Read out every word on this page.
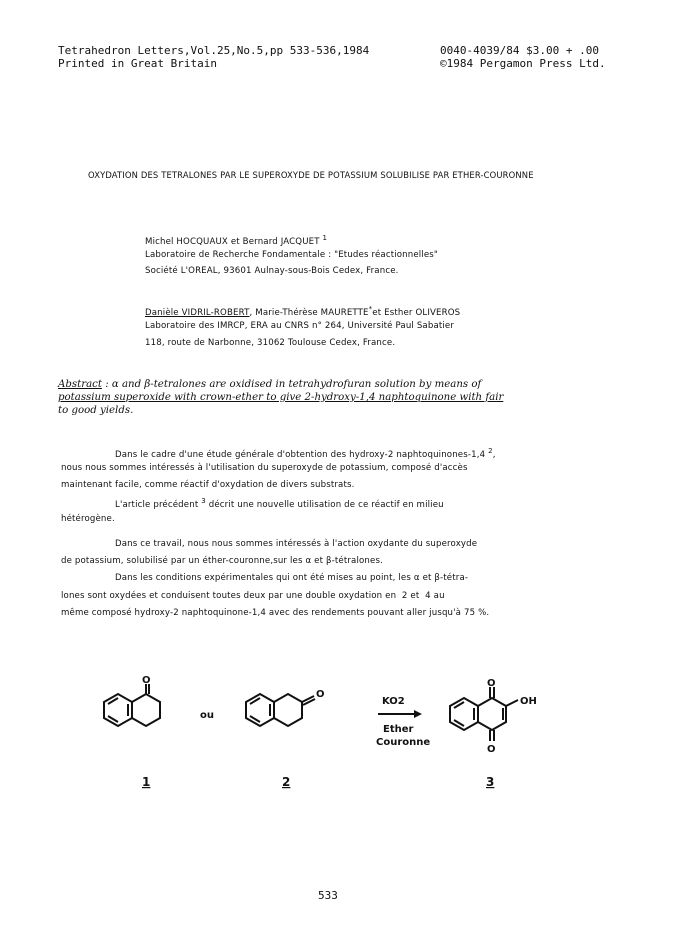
Tetrahedron Letters,Vol.25,No.5,pp 533-536,1984
Printed in Great Britain
0040-4039/84 $3.00 + .00
©1984 Pergamon Press Ltd.
OXYDATION DES TETRALONES PAR LE SUPEROXYDE DE POTASSIUM SOLUBILISE PAR ETHER-COURONNE
Michel HOCQUAUX et Bernard JACQUET $^1$
Laboratoire de Recherche Fondamentale : "Etudes réactionnelles"
Société L'OREAL, 93601 Aulnay-sous-Bois Cedex, France.
Danièle VIDRIL-ROBERT, Marie-Thérèse MAURETTE*et Esther OLIVEROS
Laboratoire des IMRCP, ERA au CNRS n° 264, Université Paul Sabatier
118, route de Narbonne, 31062 Toulouse Cedex, France.
Abstract : α and β-tetralones are oxidised in tetrahydrofuran solution by means of
potassium superoxide with crown-ether to give 2-hydroxy-1,4 naphtoquinone with fair
to good yields.
Dans le cadre d'une étude générale d'obtention des hydroxy-2 naphtoquinones-1,4 $^2$,
nous nous sommes intéressés à l'utilisation du superoxyde de potassium, composé d'accès
maintenant facile, comme réactif d'oxydation de divers substrats.
L'article précédent $^3$ décrit une nouvelle utilisation de ce réactif en milieu
hétérogène.
Dans ce travail, nous nous sommes intéressés à l'action oxydante du superoxyde
de potassium, solubilisé par un éther-couronne,sur les α et β-tétralones.
Dans les conditions expérimentales qui ont été mises au point, les α et β-tétra-
lones sont oxydées et conduisent toutes deux par une double oxydation en  2 et  4 au
même composé hydroxy-2 naphtoquinone-1,4 avec des rendements pouvant aller jusqu'à 75 %.
O
O
O
O
OH
ou
KO2
Ether
Couronne
1	2	3
533
